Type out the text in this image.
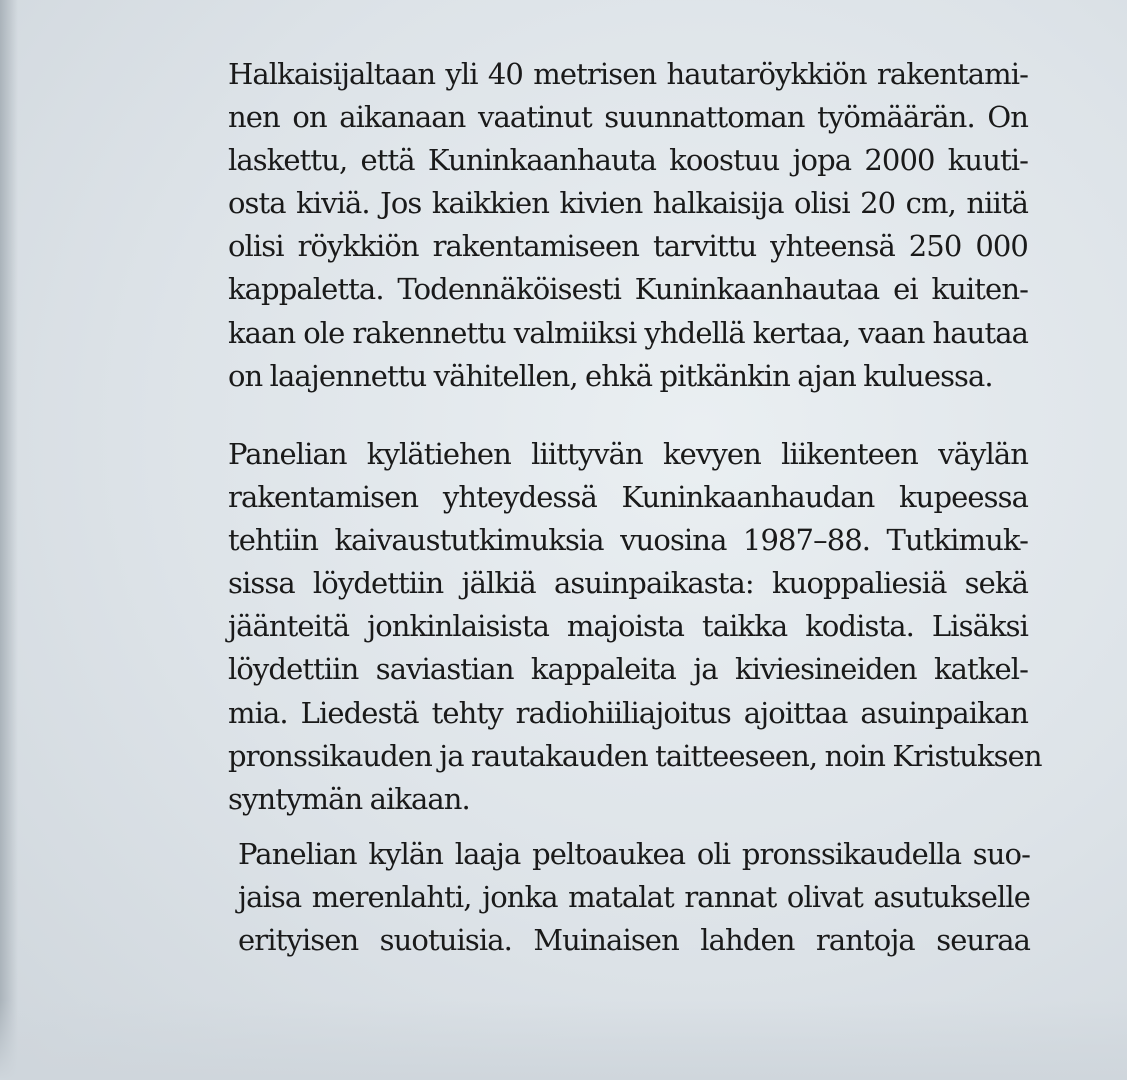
Halkaisijaltaan yli 40 metrisen hautaröykkiön rakentami-
nen on aikanaan vaatinut suunnattoman työmäärän. On
laskettu, että Kuninkaanhauta koostuu jopa 2000 kuuti-
osta kiviä. Jos kaikkien kivien halkaisija olisi 20 cm, niitä
olisi röykkiön rakentamiseen tarvittu yhteensä 250 000
kappaletta. Todennäköisesti Kuninkaanhautaa ei kuiten-
kaan ole rakennettu valmiiksi yhdellä kertaa, vaan hautaa
on laajennettu vähitellen, ehkä pitkänkin ajan kuluessa.

Panelian kylätiehen liittyvän kevyen liikenteen väylän
rakentamisen yhteydessä Kuninkaanhaudan kupeessa
tehtiin kaivaustutkimuksia vuosina 1987–88. Tutkimuk-
sissa löydettiin jälkiä asuinpaikasta: kuoppaliesiä sekä
jäänteitä jonkinlaisista majoista taikka kodista. Lisäksi
löydettiin saviastian kappaleita ja kiviesineiden katkel-
mia. Liedestä tehty radiohiiliajoitus ajoittaa asuinpaikan
pronssikauden ja rautakauden taitteeseen, noin Kristuksen
syntymän aikaan.

Panelian kylän laaja peltoaukea oli pronssikaudella suo-
jaisa merenlahti, jonka matalat rannat olivat asutukselle
erityisen suotuisia. Muinaisen lahden rantoja seuraa
